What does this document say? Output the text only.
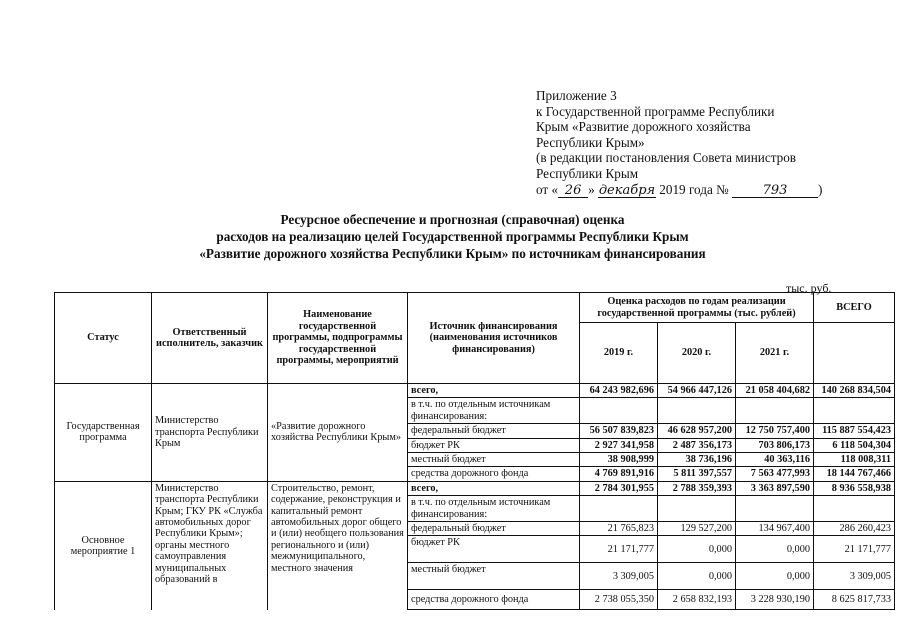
Приложение 3
к Государственной программе Республики
Крым «Развитие дорожного хозяйства
Республики Крым»
(в редакции постановления Совета министров
Республики Крым
от « 26 » декабря 2019 года №	793 )
Ресурсное обеспечение и прогнозная (справочная) оценка
расходов на реализацию целей Государственной программы Республики Крым
«Развитие дорожного хозяйства Республики Крым» по источникам финансирования
тыс. руб.
Статус	Ответственный исполнитель, заказчик	Наименование государственной программы, подпрограммы государственной программы, мероприятий	Источник финансирования (наименования источников финансирования)	Оценка расходов по годам реализации государственной программы (тыс. рублей)			ВСЕГО
				2019 г.	2020 г.	2021 г.	
Государственная программа	Министерство транспорта Республики Крым	«Развитие дорожного хозяйства Республики Крым»	всего,	64 243 982,696	54 966 447,126	21 058 404,682	140 268 834,504
			в т.ч. по отдельным источникам финансирования:				
			федеральный бюджет	56 507 839,823	46 628 957,200	12 750 757,400	115 887 554,423
			бюджет РК	2 927 341,958	2 487 356,173	703 806,173	6 118 504,304
			местный бюджет	38 908,999	38 736,196	40 363,116	118 008,311
			средства дорожного фонда	4 769 891,916	5 811 397,557	7 563 477,993	18 144 767,466
Основное мероприятие 1	Министерство транспорта Республики Крым; ГКУ РК «Служба автомобильных дорог Республики Крым»; органы местного самоуправления муниципальных образований в	Строительство, ремонт, содержание, реконструкция и капитальный ремонт автомобильных дорог общего и (или) необщего пользования регионального и (или) межмуниципального, местного значения	всего,	2 784 301,955	2 788 359,393	3 363 897,590	8 936 558,938
			в т.ч. по отдельным источникам финансирования:				
			федеральный бюджет	21 765,823	129 527,200	134 967,400	286 260,423
			бюджет РК	21 171,777	0,000	0,000	21 171,777
			местный бюджет	3 309,005	0,000	0,000	3 309,005
			средства дорожного фонда	2 738 055,350	2 658 832,193	3 228 930,190	8 625 817,733
